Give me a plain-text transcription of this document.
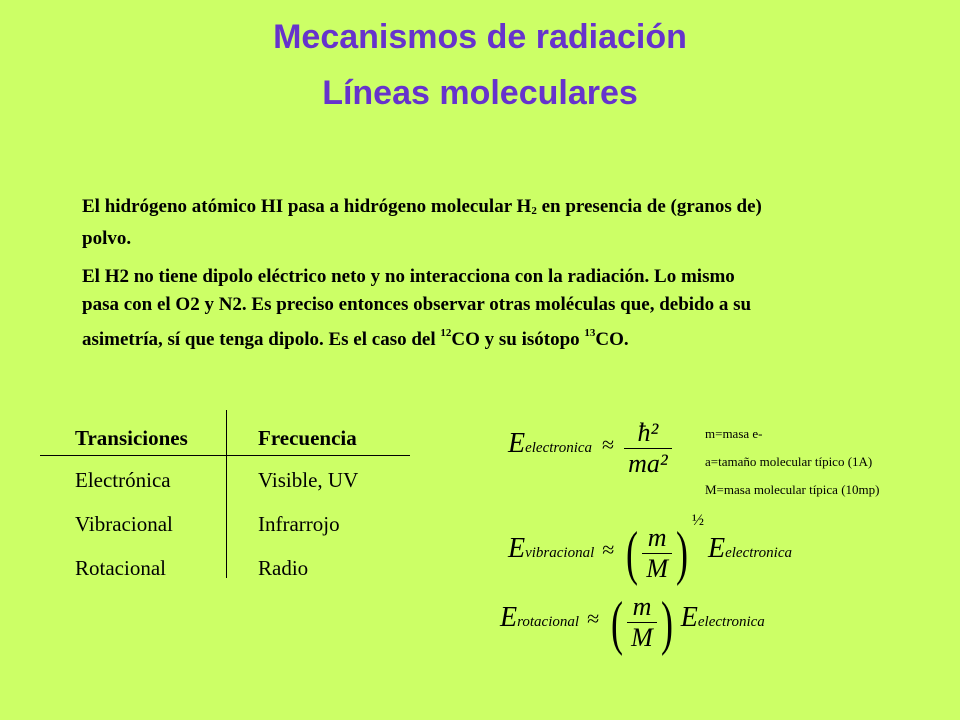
Mecanismos de radiación
Líneas moleculares
El hidrógeno atómico HI pasa a hidrógeno molecular H2 en presencia de (granos de) polvo.
El H2 no tiene dipolo eléctrico neto y no interacciona con la radiación. Lo mismo pasa con el O2 y N2. Es preciso entonces observar otras moléculas que, debido a su asimetría, sí que tenga dipolo. Es el caso del $^{12}$CO y su isótopo $^{13}$CO.
Transiciones	Frecuencia
Electrónica	Visible, UV
Vibracional	Infrarrojo
Rotacional	Radio
Eelectronica ≈ $\frac{\text{ħ²}}{\text{ma²}}$	m=masa e-
a=tamaño molecular típico (1A)
M=masa molecular típica (10mp)
Evibracional ≈ ( $\frac{m}{M}$ ) ½ Eelectronica
Erotacional ≈ ( $\frac{m}{M}$ ) Eelectronica
